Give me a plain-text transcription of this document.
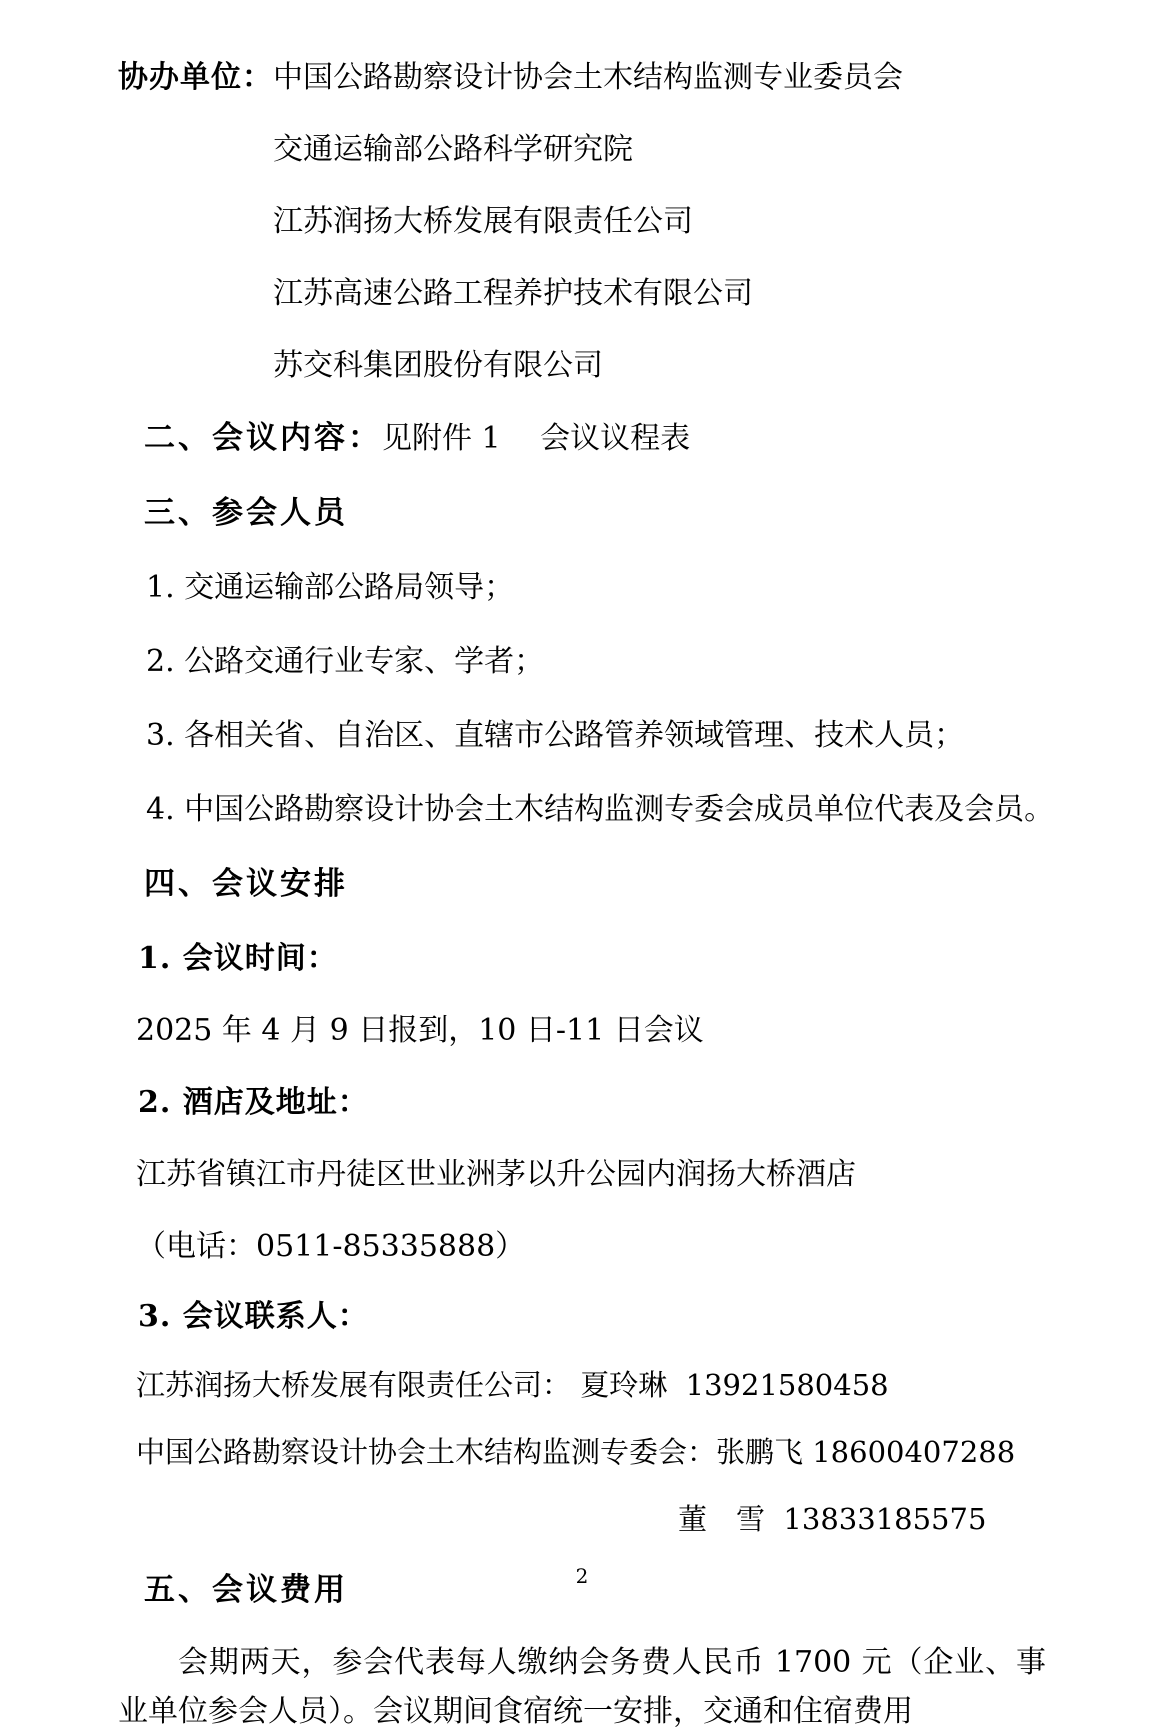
协办单位： 中国公路勘察设计协会土木结构监测专业委员会
交通运输部公路科学研究院
江苏润扬大桥发展有限责任公司
江苏高速公路工程养护技术有限公司
苏交科集团股份有限公司
二、会议内容：见附件 1　 会议议程表
三、参会人员
1. 交通运输部公路局领导；
2. 公路交通行业专家、学者；
3. 各相关省、自治区、直辖市公路管养领域管理、技术人员；
4. 中国公路勘察设计协会土木结构监测专委会成员单位代表及会员。
四、会议安排
1. 会议时间：
2025 年 4 月 9 日报到，10 日-11 日会议
2. 酒店及地址：
江苏省镇江市丹徒区世业洲茅以升公园内润扬大桥酒店
（电话：0511-85335888）
3. 会议联系人：
江苏润扬大桥发展有限责任公司： 夏玲琳  13921580458
中国公路勘察设计协会土木结构监测专委会：张鹏飞 18600407288
董　雪  13833185575
五、会议费用
会期两天，参会代表每人缴纳会务费人民币 1700 元（企业、事业单位参会人员）。会议期间食宿统一安排，交通和住宿费用
2
